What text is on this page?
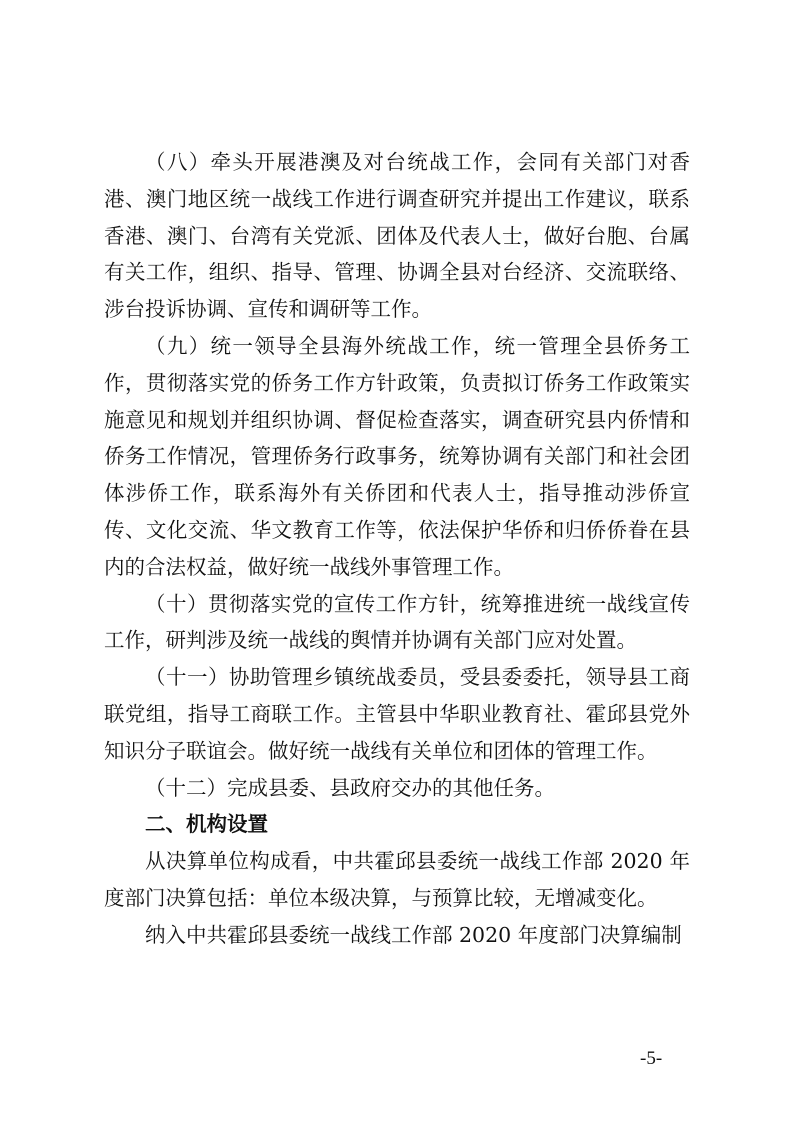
（八）牵头开展港澳及对台统战工作，会同有关部门对香港、澳门地区统一战线工作进行调查研究并提出工作建议，联系香港、澳门、台湾有关党派、团体及代表人士，做好台胞、台属有关工作，组织、指导、管理、协调全县对台经济、交流联络、涉台投诉协调、宣传和调研等工作。

（九）统一领导全县海外统战工作，统一管理全县侨务工作，贯彻落实党的侨务工作方针政策，负责拟订侨务工作政策实施意见和规划并组织协调、督促检查落实，调查研究县内侨情和侨务工作情况，管理侨务行政事务，统筹协调有关部门和社会团体涉侨工作，联系海外有关侨团和代表人士，指导推动涉侨宣传、文化交流、华文教育工作等，依法保护华侨和归侨侨眷在县内的合法权益，做好统一战线外事管理工作。

（十）贯彻落实党的宣传工作方针，统筹推进统一战线宣传工作，研判涉及统一战线的舆情并协调有关部门应对处置。

（十一）协助管理乡镇统战委员，受县委委托，领导县工商联党组，指导工商联工作。主管县中华职业教育社、霍邱县党外知识分子联谊会。做好统一战线有关单位和团体的管理工作。

（十二）完成县委、县政府交办的其他任务。

二、机构设置

从决算单位构成看，中共霍邱县委统一战线工作部 2020 年度部门决算包括：单位本级决算，与预算比较，无增减变化。

纳入中共霍邱县委统一战线工作部 2020 年度部门决算编制

-5-
